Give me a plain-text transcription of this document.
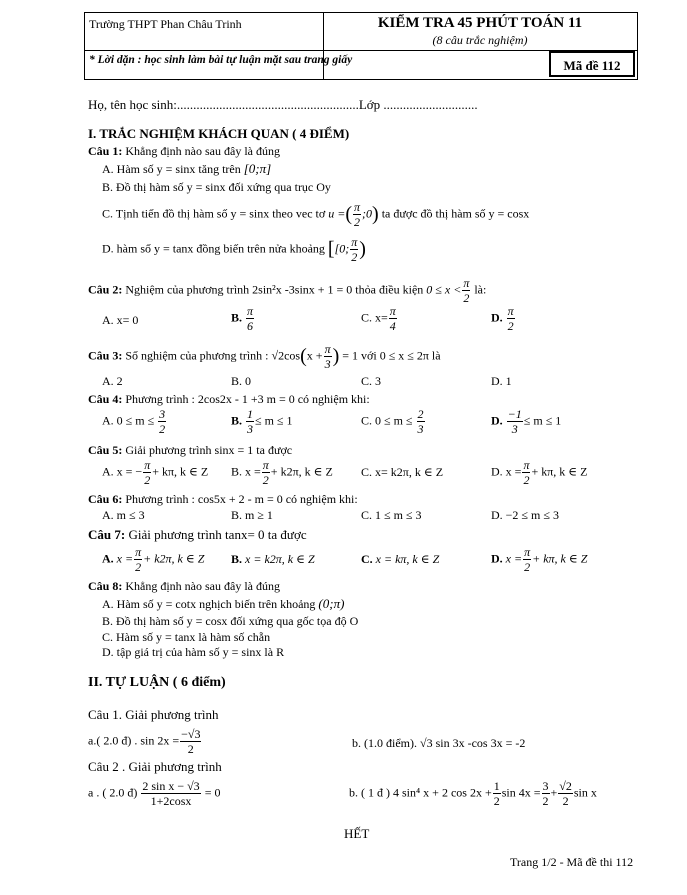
Trường THPT Phan Châu Trinh	KIỂM TRA 45 PHÚT TOÁN 11
(8 câu trắc nghiệm)
* Lời dặn : học sinh làm bài tự luận mặt sau trang giấy	Mã đề 112
Họ, tên học sinh:........................................................Lớp .............................
I. TRẮC NGHIỆM KHÁCH QUAN ( 4 ĐIỂM)
Câu 1: Khẳng định nào sau đây là đúng
A. Hàm số y = sinx tăng trên [0;π]
B. Đồ thị hàm số y = sinx đối xứng qua trục Oy
C. Tịnh tiến đồ thị hàm số y = sinx theo vec tơ u =( $\frac{\pi}{2}$ ;0) ta được đồ thị hàm số y = cosx
D. hàm số y = tanx đồng biến trên nửa khoảng [[0; $\frac{\pi}{2}$ )
Câu 2: Nghiệm của phương trình 2sin²x -3sinx + 1 = 0 thỏa điều kiện $0 \le x < \frac{\pi}{2}$ là:
A. x= 0	B. $\frac{\pi}{6}$	C. $x= \frac{\pi}{4}$	D. $\frac{\pi}{2}$
Câu 3: Số nghiệm của phương trình : $√2\cos(x + \frac{\pi}{3}$ ) = 1 với 0 ≤ x ≤ 2π là
A. 2	B. 0	C. 3	D. 1
Câu 4: Phương trình : 2cos2x - 1 +3 m = 0 có nghiệm khi:
A. $0 \le m \le \frac{3}{2}$	B. $\frac{1}{3} \le m \le 1$	C. $0 \le m \le \frac{2}{3}$	D. $\frac{-1}{3} \le m \le 1$
Câu 5: Giải phương trình sinx = 1 ta được
A. x = − $\frac{\pi}{2} + k\pi$, k ∈ Z B. $x = \frac{\pi}{2} + k2\pi$, k ∈ Z C. x= k2π, k ∈ Z	D. $x = \frac{\pi}{2} + k\pi$, k ∈ Z
Câu 6: Phương trình : cos5x + 2 - m = 0 có nghiệm khi:
A. m ≤ 3	B. m ≥ 1	C. 1 ≤ m ≤ 3	D. −2 ≤ m ≤ 3
Câu 7: Giải phương trình tanx= 0 ta được
A. $x = \frac{\pi}{2} + k2\pi$, k ∈ Z B. x = k2π, k ∈ Z	C. x = kπ, k ∈ Z	D. $x = \frac{\pi}{2} + k\pi$, k ∈ Z
Câu 8: Khẳng định nào sau đây là đúng
A. Hàm số y = cotx nghịch biến trên khoảng (0;π)
B. Đồ thị hàm số y = cosx đối xứng qua gốc tọa độ O
C. Hàm số y = tanx là hàm số chẵn
D. tập giá trị của hàm số y = sinx là R
II. TỰ LUẬN ( 6 điểm)
Câu 1. Giải phương trình
a.( 2.0 đ) . $\sin 2x = \frac{-√3}{2}$	b. (1.0 điểm). √3 sin 3x -cos 3x = -2
Câu 2 . Giải phương trình
a . ( 2.0 đ) $\frac{\text{2 sin x − √3}}{1+2\cos x} = 0$	b. ( 1 đ ) 4 sin⁴ x + 2 $\cos 2x + \frac{1}{2}$ $\sin 4x = \frac{3}{2} + \frac{√2}{2}$ sin x
HẾT
Trang 1/2 - Mã đề thi 112
